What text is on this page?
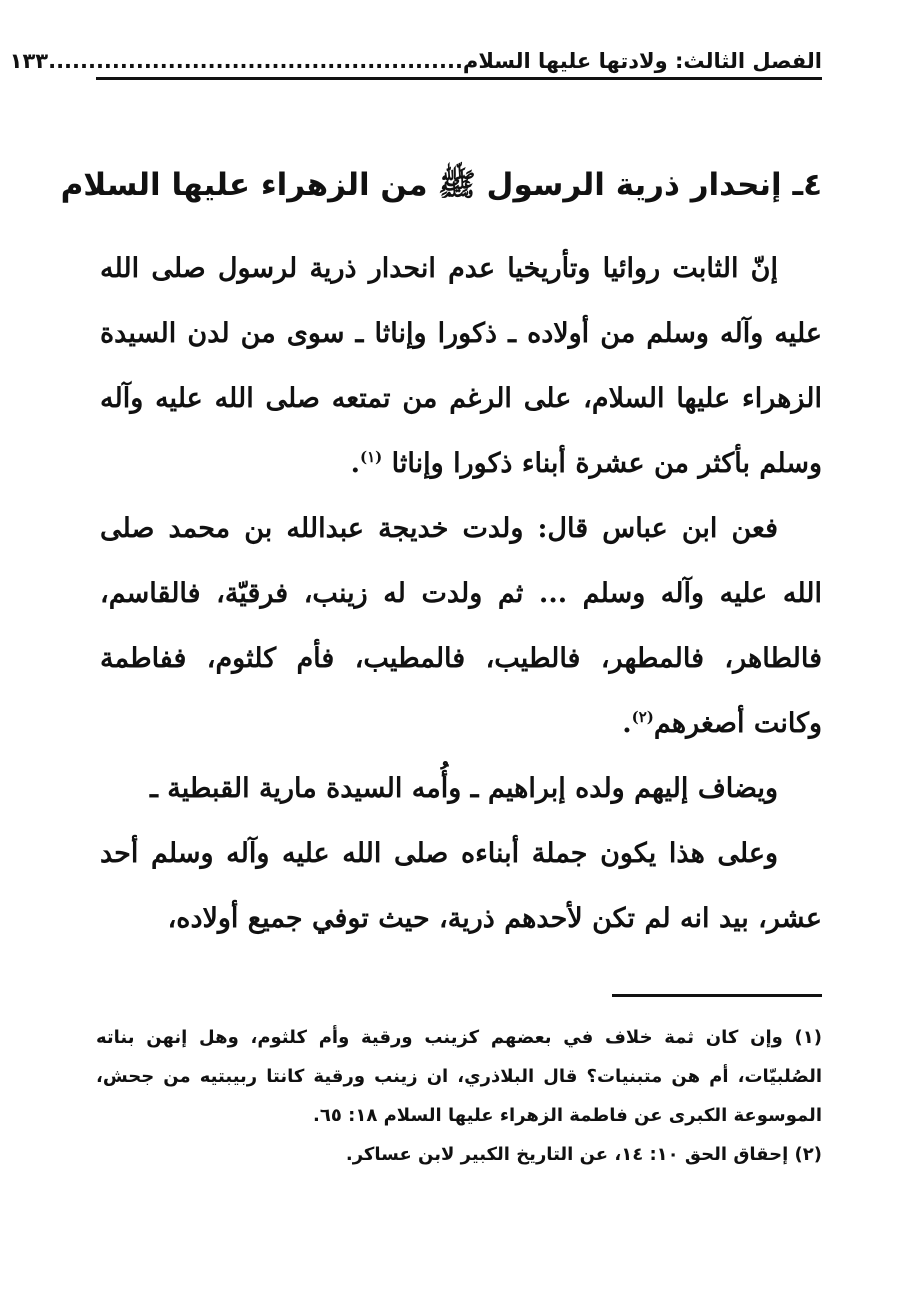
الفصل الثالث: ولادتها عليها السلام....................................................
١٣٣
٤ـ إنحدار ذرية الرسول ﷺ من الزهراء عليها السلام

إنّ الثابت روائيا وتأريخيا عدم انحدار ذرية لرسول صلى الله عليه وآله وسلم من أولاده ـ ذكورا وإناثا ـ سوى من لدن السيدة الزهراء عليها السلام، على الرغم من تمتعه صلى الله عليه وآله وسلم بأكثر من عشرة أبناء ذكورا وإناثا $^{(١)}$.

فعن ابن عباس قال: ولدت خديجة عبدالله بن محمد صلى الله عليه وآله وسلم ... ثم ولدت له زينب، فرقيّة، فالقاسم، فالطاهر، فالمطهر، فالطيب، فالمطيب، فأم كلثوم، ففاطمة وكانت أصغرهم$^{(٢)}$.

ويضاف إليهم ولده إبراهيم ـ وأُمه السيدة مارية القبطية ـ

وعلى هذا يكون جملة أبناءه صلى الله عليه وآله وسلم أحد عشر، بيد انه لم تكن لأحدهم ذرية، حيث توفي جميع أولاده،

(١) وإن كان ثمة خلاف في بعضهم كزينب ورقية وأم كلثوم، وهل إنهن بناته الصُلبيّات، أم هن متبنيات؟ قال البلاذري، ان زينب ورقية كانتا ربيبتيه من جحش، الموسوعة الكبرى عن فاطمة الزهراء عليها السلام ١٨: ٦٥.

(٢) إحقاق الحق ١٠: ١٤، عن التاريخ الكبير لابن عساكر.
